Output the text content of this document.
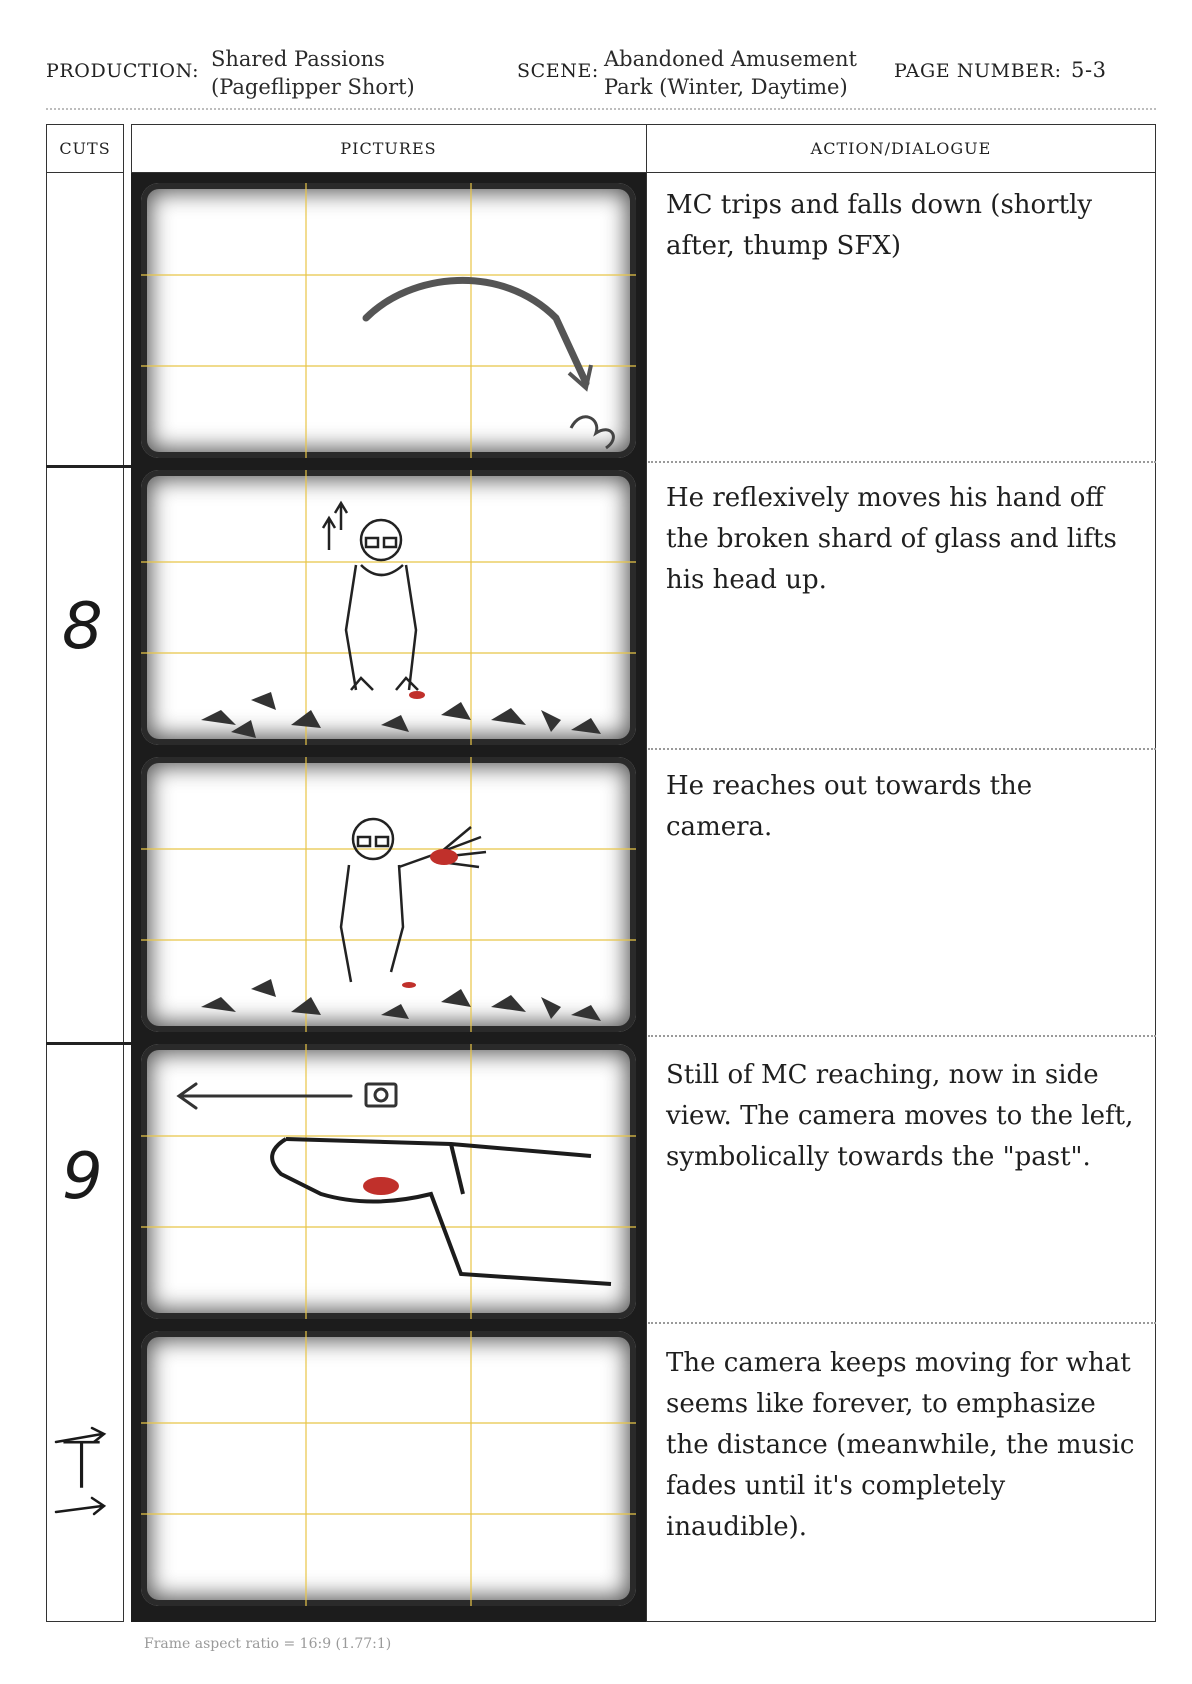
PRODUCTION: Shared Passions
(Pageflipper Short)
SCENE: Abandoned Amusement
Park (Winter, Daytime)
PAGE NUMBER: 5-3
CUTS	PICTURES	ACTION/DIALOGUE
8
9
T
MC trips and falls down (shortly after, thump SFX)
He reflexively moves his hand off the broken shard of glass and lifts his head up.
He reaches out towards the camera.
Still of MC reaching, now in side view. The camera moves to the left, symbolically towards the "past".
The camera keeps moving for what seems like forever, to emphasize the distance (meanwhile, the music fades until it's completely inaudible).
Frame aspect ratio = 16:9 (1.77:1)
